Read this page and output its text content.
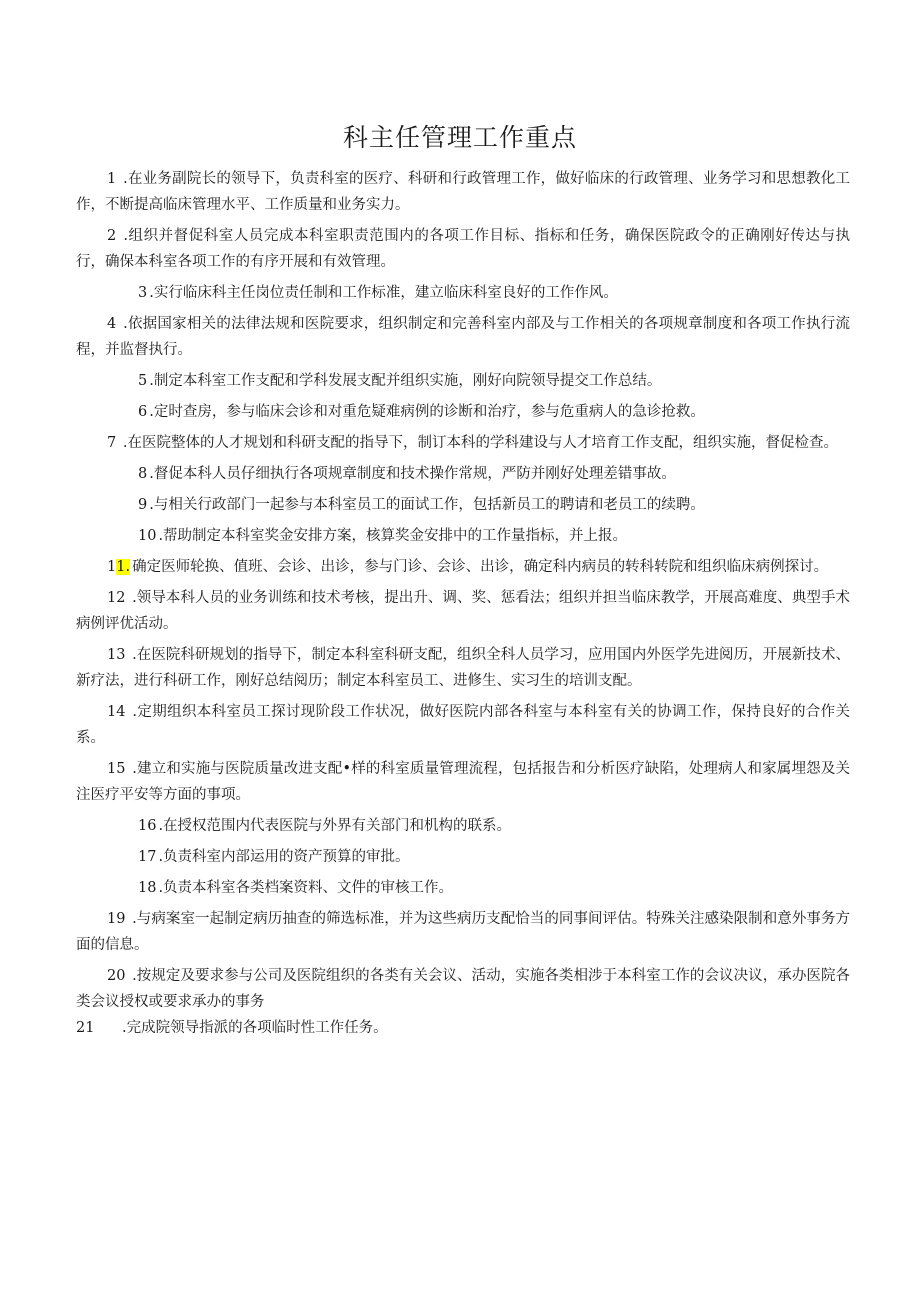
科主任管理工作重点

1 .在业务副院长的领导下，负责科室的医疗、科研和行政管理工作，做好临床的行政管理、业务学习和思想教化工作，不断提高临床管理水平、工作质量和业务实力。

2 .组织并督促科室人员完成本科室职责范围内的各项工作目标、指标和任务，确保医院政令的正确刚好传达与执行，确保本科室各项工作的有序开展和有效管理。

3 .实行临床科主任岗位责任制和工作标准，建立临床科室良好的工作作风。

4 .依据国家相关的法律法规和医院要求，组织制定和完善科室内部及与工作相关的各项规章制度和各项工作执行流程，并监督执行。

5 .制定本科室工作支配和学科发展支配并组织实施，刚好向院领导提交工作总结。

6 .定时查房，参与临床会诊和对重危疑难病例的诊断和治疗，参与危重病人的急诊抢救。

7 .在医院整体的人才规划和科研支配的指导下，制订本科的学科建设与人才培育工作支配，组织实施，督促检查。

8 .督促本科人员仔细执行各项规章制度和技术操作常规，严防并刚好处理差错事故。

9 .与相关行政部门一起参与本科室员工的面试工作，包括新员工的聘请和老员工的续聘。

10 .帮助制定本科室奖金安排方案，核算奖金安排中的工作量指标，并上报。

11. 确定医师轮换、值班、会诊、出诊，参与门诊、会诊、出诊，确定科内病员的转科转院和组织临床病例探讨。

12 .领导本科人员的业务训练和技术考核，提出升、调、奖、惩看法；组织并担当临床教学，开展高难度、典型手术病例评优活动。

13 .在医院科研规划的指导下，制定本科室科研支配，组织全科人员学习，应用国内外医学先进阅历，开展新技术、新疗法，进行科研工作，刚好总结阅历；制定本科室员工、进修生、实习生的培训支配。

14 .定期组织本科室员工探讨现阶段工作状况，做好医院内部各科室与本科室有关的协调工作，保持良好的合作关系。

15 .建立和实施与医院质量改进支配•样的科室质量管理流程，包括报告和分析医疗缺陷，处理病人和家属埋怨及关注医疗平安等方面的事项。

16 .在授权范围内代表医院与外界有关部门和机构的联系。

17 .负责科室内部运用的资产预算的审批。

18 .负责本科室各类档案资料、文件的审核工作。

19 .与病案室一起制定病历抽查的筛选标准，并为这些病历支配恰当的同事间评估。特殊关注感染限制和意外事务方面的信息。

20 .按规定及要求参与公司及医院组织的各类有关会议、活动，实施各类相涉于本科室工作的会议决议，承办医院各类会议授权或要求承办的事务

21 .完成院领导指派的各项临时性工作任务。
